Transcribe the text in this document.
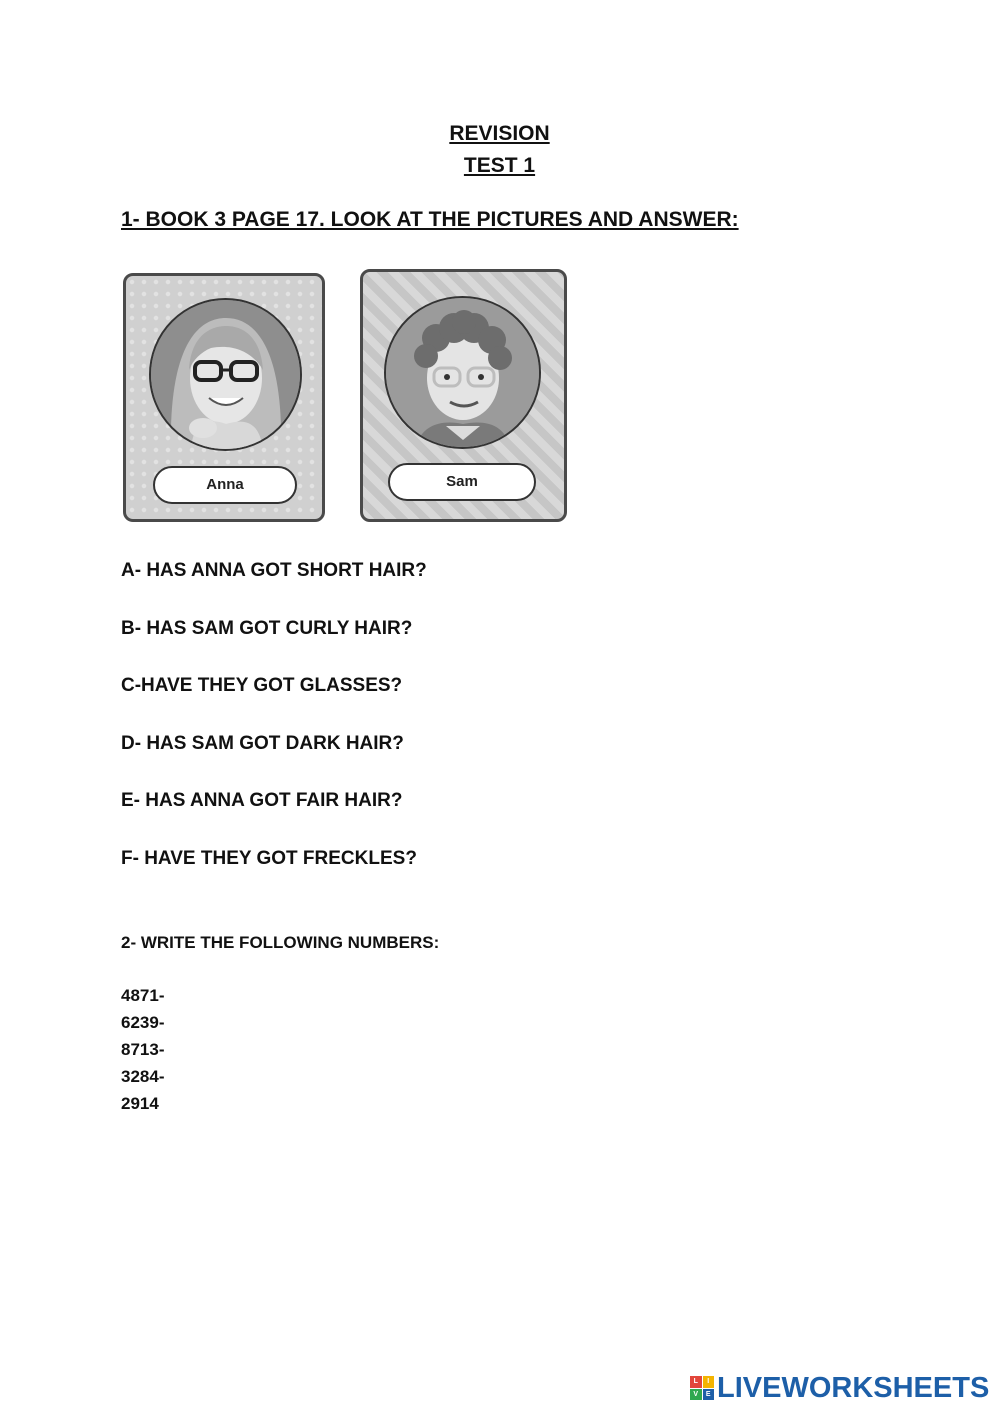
REVISION
TEST 1
1- BOOK 3 PAGE 17. LOOK AT THE PICTURES AND ANSWER:
Anna	Sam
A- HAS ANNA GOT SHORT HAIR?
B- HAS SAM GOT CURLY HAIR?
C-HAVE THEY GOT GLASSES?
D- HAS SAM GOT DARK HAIR?
E- HAS ANNA GOT FAIR HAIR?
F- HAVE THEY GOT FRECKLES?
2- WRITE THE FOLLOWING NUMBERS:
4871-
6239-
8713-
3284-
2914
L	I
V	E LIVEWORKSHEETS
